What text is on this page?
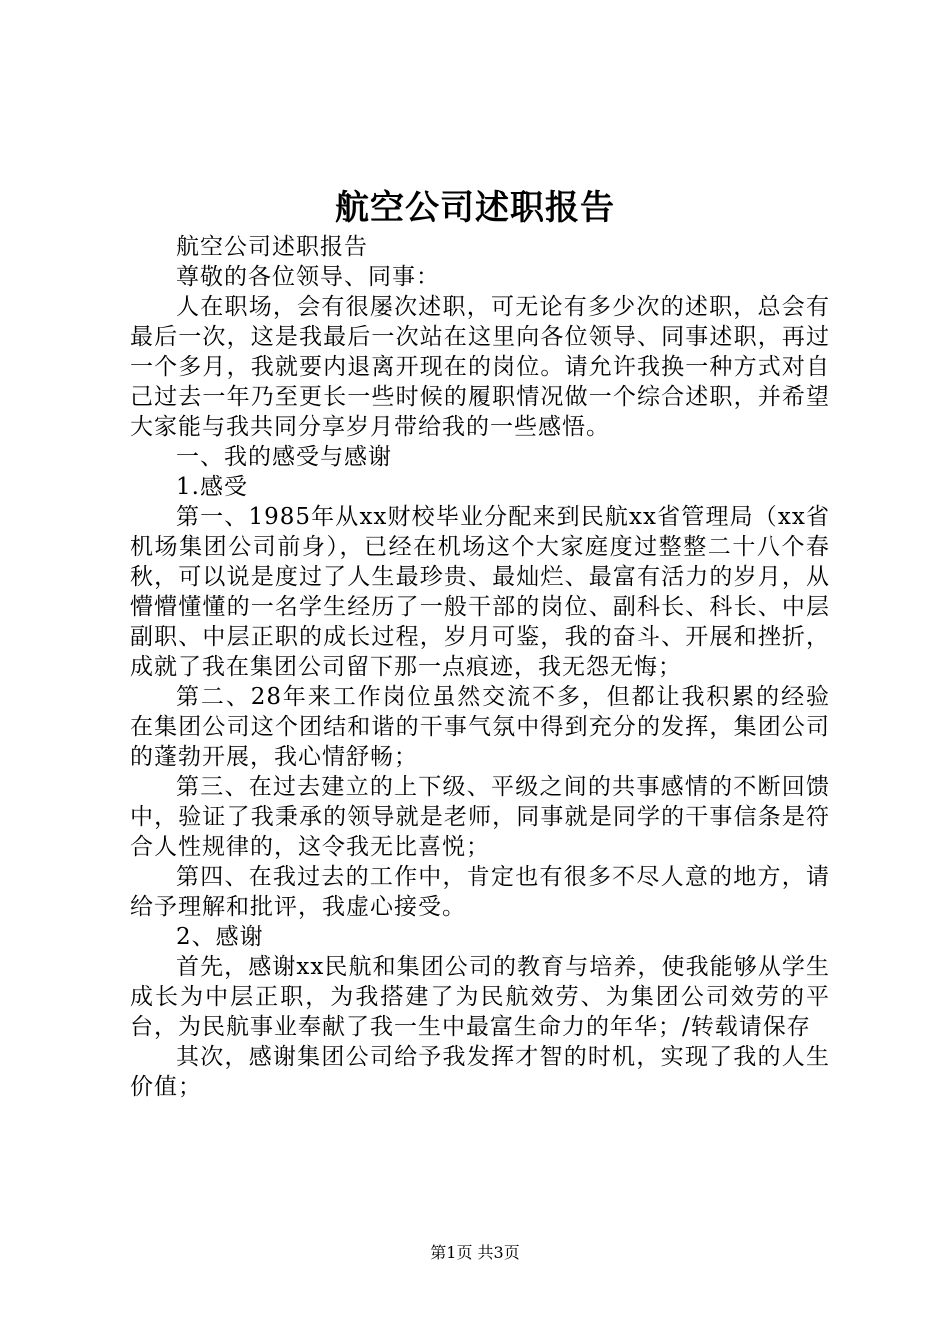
航空公司述职报告

航空公司述职报告

尊敬的各位领导、同事：

人在职场，会有很屡次述职，可无论有多少次的述职，总会有最后一次，这是我最后一次站在这里向各位领导、同事述职，再过一个多月，我就要内退离开现在的岗位。请允许我换一种方式对自己过去一年乃至更长一些时候的履职情况做一个综合述职，并希望大家能与我共同分享岁月带给我的一些感悟。

一、我的感受与感谢

1.感受

第一、1985年从xx财校毕业分配来到民航xx省管理局（xx省机场集团公司前身），已经在机场这个大家庭度过整整二十八个春秋，可以说是度过了人生最珍贵、最灿烂、最富有活力的岁月，从懵懵懂懂的一名学生经历了一般干部的岗位、副科长、科长、中层副职、中层正职的成长过程，岁月可鉴，我的奋斗、开展和挫折，成就了我在集团公司留下那一点痕迹，我无怨无悔；

第二、28年来工作岗位虽然交流不多，但都让我积累的经验在集团公司这个团结和谐的干事气氛中得到充分的发挥，集团公司的蓬勃开展，我心情舒畅；

第三、在过去建立的上下级、平级之间的共事感情的不断回馈中，验证了我秉承的领导就是老师，同事就是同学的干事信条是符合人性规律的，这令我无比喜悦；

第四、在我过去的工作中，肯定也有很多不尽人意的地方，请给予理解和批评，我虚心接受。

2、感谢

首先，感谢xx民航和集团公司的教育与培养，使我能够从学生成长为中层正职，为我搭建了为民航效劳、为集团公司效劳的平台，为民航事业奉献了我一生中最富生命力的年华；/转载请保存

其次，感谢集团公司给予我发挥才智的时机，实现了我的人生价值；

第1页 共3页
